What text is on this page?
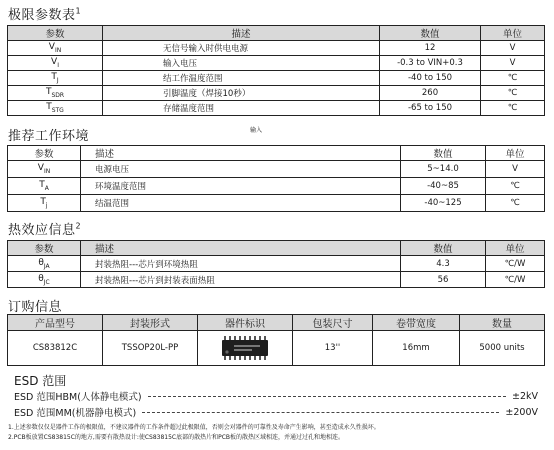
极限参数表$^1$
参数	描述	数值	单位
$V_{IN}$	无信号输入时供电电源	12	V
$V_I$	输入电压	-0.3 to VIN+0.3	V
$T_J$	结工作温度范围	-40 to 150	℃
$T_{SDR}$	引脚温度（焊接10秒）	260	℃
$T_{STG}$	存储温度范围	-65 to 150	℃
推荐工作环境	输入
参数	描述	数值	单位
$V_{IN}$	电源电压	5~14.0	V
$T_A$	环境温度范围	-40~85	℃
$T_j$	结温范围	-40~125	℃
热效应信息$^2$
参数	描述	数值	单位
$\theta_{JA}$	封装热阻---芯片到环境热阻	4.3	℃/W
$\theta_{JC}$	封装热阻---芯片到封装表面热阻	56	℃/W
订购信息
产品型号	封装形式	器件标识	包装尺寸	卷带宽度	数量
CS83812C	TSSOP20L-PP		13''	16mm	5000 units
ESD 范围
ESD 范围HBM(人体静电模式)	±2kV
ESD 范围MM(机器静电模式)	±200V
1.上述参数仅仅是器件工作的极限值，不建议器件的工作条件超过此极限值，否则会对器件的可靠性及寿命产生影响，甚至造成永久性损坏。
2.PCB板放置CS83815C的地方,需要有散热设计:使CS83815C底部的散热片和PCB板的散热区域相连，并通过过孔和地相连。
